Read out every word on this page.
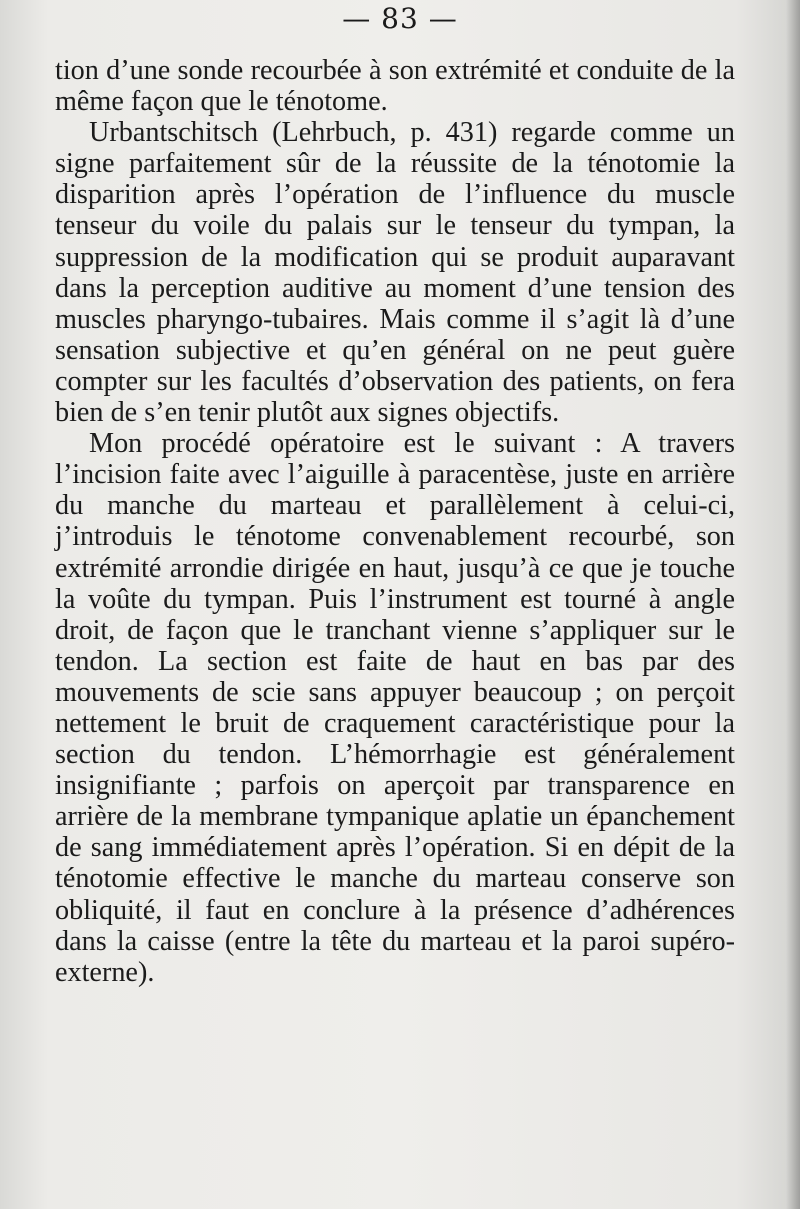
— 83 —

tion d’une sonde recourbée à son extrémité et conduite de la même façon que le ténotome.

Urbantschitsch (Lehrbuch, p. 431) regarde comme un signe parfaitement sûr de la réussite de la ténotomie la disparition après l’opération de l’influence du muscle tenseur du voile du palais sur le tenseur du tympan, la suppression de la modification qui se produit auparavant dans la perception auditive au moment d’une tension des muscles pharyngo-tubaires. Mais comme il s’agit là d’une sensation subjective et qu’en général on ne peut guère compter sur les facultés d’observation des patients, on fera bien de s’en tenir plutôt aux signes objectifs.

Mon procédé opératoire est le suivant : A travers l’incision faite avec l’aiguille à paracentèse, juste en arrière du manche du marteau et parallèlement à celui-ci, j’introduis le ténotome convenablement recourbé, son extrémité arrondie dirigée en haut, jusqu’à ce que je touche la voûte du tympan. Puis l’instrument est tourné à angle droit, de façon que le tranchant vienne s’appliquer sur le tendon. La section est faite de haut en bas par des mouvements de scie sans appuyer beaucoup ; on perçoit nettement le bruit de craquement caractéristique pour la section du tendon. L’hémorrhagie est généralement insignifiante ; parfois on aperçoit par transparence en arrière de la membrane tympanique aplatie un épanchement de sang immédiatement après l’opération. Si en dépit de la ténotomie effective le manche du marteau conserve son obliquité, il faut en conclure à la présence d’adhérences dans la caisse (entre la tête du marteau et la paroi supéro-externe).
